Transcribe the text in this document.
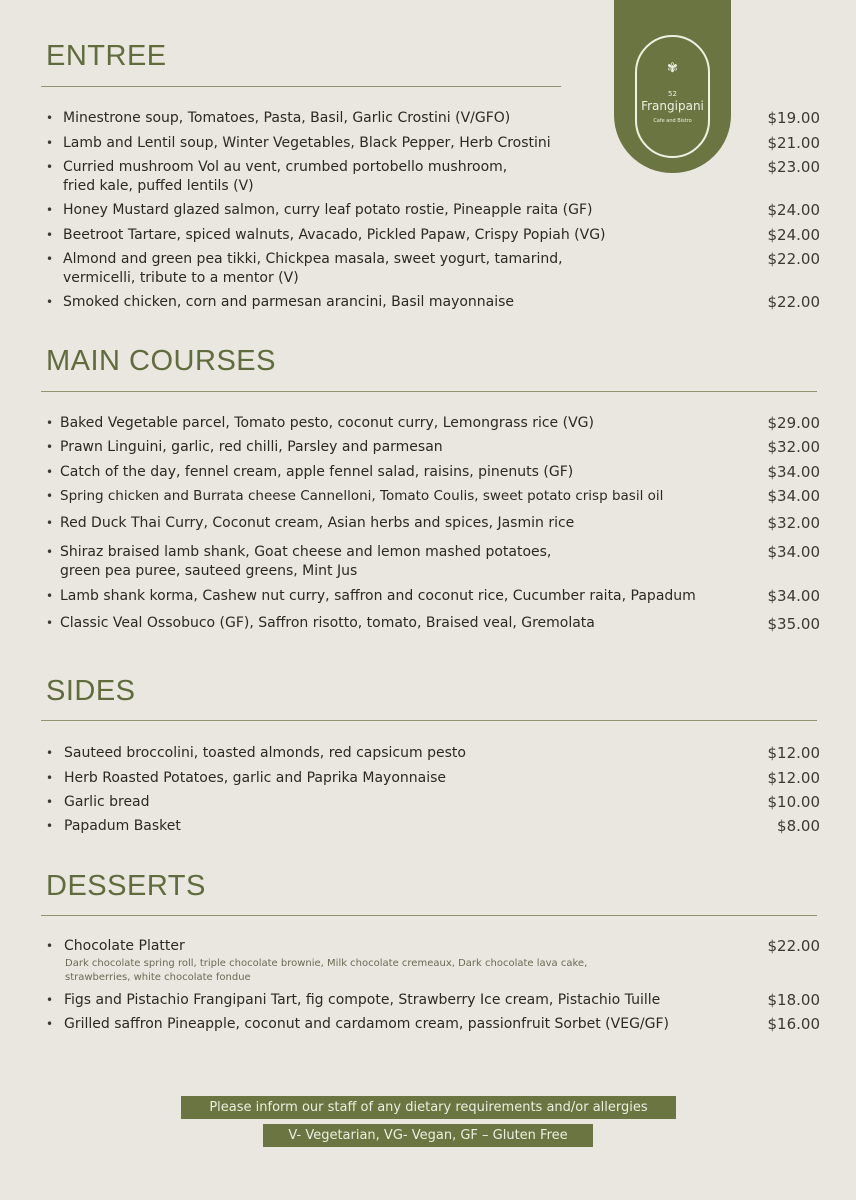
✾
52
Frangipani
Cafe and Bistro
ENTREE
• Minestrone soup, Tomatoes, Pasta, Basil, Garlic Crostini (V/GFO)	$19.00
• Lamb and Lentil soup, Winter Vegetables, Black Pepper, Herb Crostini	$21.00
• Curried mushroom Vol au vent, crumbed portobello mushroom,
fried kale, puffed lentils (V)
$23.00
• Honey Mustard glazed salmon, curry leaf potato rostie, Pineapple raita (GF)	$24.00
• Beetroot Tartare, spiced walnuts, Avacado, Pickled Papaw, Crispy Popiah (VG)	$24.00
• Almond and green pea tikki, Chickpea masala, sweet yogurt, tamarind,
vermicelli, tribute to a mentor (V)
$22.00
• Smoked chicken, corn and parmesan arancini, Basil mayonnaise	$22.00
MAIN COURSES
• Baked Vegetable parcel, Tomato pesto, coconut curry, Lemongrass rice (VG)	$29.00
• Prawn Linguini, garlic, red chilli, Parsley and parmesan	$32.00
• Catch of the day, fennel cream, apple fennel salad, raisins, pinenuts (GF)	$34.00
• Spring chicken and Burrata cheese Cannelloni, Tomato Coulis, sweet potato crisp basil oil	$34.00
• Red Duck Thai Curry, Coconut cream, Asian herbs and spices, Jasmin rice	$32.00
• Shiraz braised lamb shank, Goat cheese and lemon mashed potatoes,
green pea puree, sauteed greens, Mint Jus
$34.00
• Lamb shank korma, Cashew nut curry, saffron and coconut rice, Cucumber raita, Papadum	$34.00
• Classic Veal Ossobuco (GF), Saffron risotto, tomato, Braised veal, Gremolata	$35.00
SIDES
• Sauteed broccolini, toasted almonds, red capsicum pesto	$12.00
• Herb Roasted Potatoes, garlic and Paprika Mayonnaise	$12.00
• Garlic bread	$10.00
• Papadum Basket	$8.00
DESSERTS
• Chocolate Platter
Dark chocolate spring roll, triple chocolate brownie, Milk chocolate cremeaux, Dark chocolate lava cake,
strawberries, white chocolate fondue
$22.00
• Figs and Pistachio Frangipani Tart, fig compote, Strawberry Ice cream, Pistachio Tuille	$18.00
• Grilled saffron Pineapple, coconut and cardamom cream, passionfruit Sorbet (VEG/GF)	$16.00
Please inform our staff of any dietary requirements and/or allergies
V- Vegetarian, VG- Vegan, GF – Gluten Free
